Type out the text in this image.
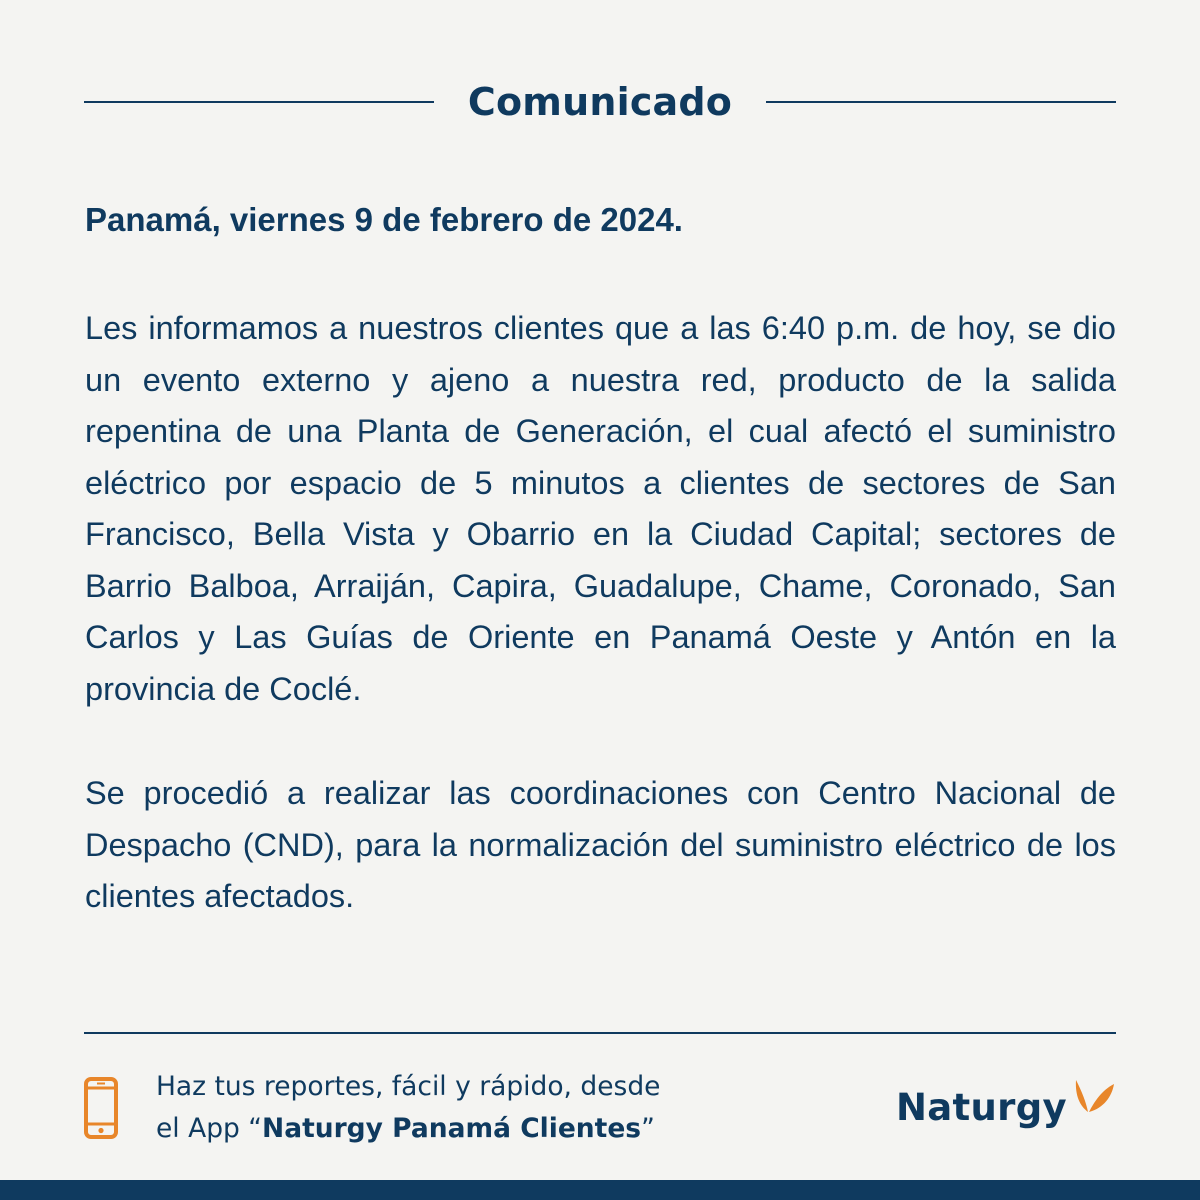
Comunicado
Panamá, viernes 9 de febrero de 2024.

Les informamos a nuestros clientes que a las 6:40 p.m. de hoy, se dio un evento externo y ajeno a nuestra red, producto de la salida repentina de una Planta de Generación, el cual afectó el suministro eléctrico por espacio de 5 minutos a clientes de sectores de San Francisco, Bella Vista y Obarrio en la Ciudad Capital; sectores de Barrio Balboa, Arraiján, Capira, Guadalupe, Chame, Coronado, San Carlos y Las Guías de Oriente en Panamá Oeste y Antón en la provincia de Coclé.

Se procedió a realizar las coordinaciones con Centro Nacional de Despacho (CND), para la normalización del suministro eléctrico de los clientes afectados.

Haz tus reportes, fácil y rápido, desde
el App “Naturgy Panamá Clientes”	Naturgy
